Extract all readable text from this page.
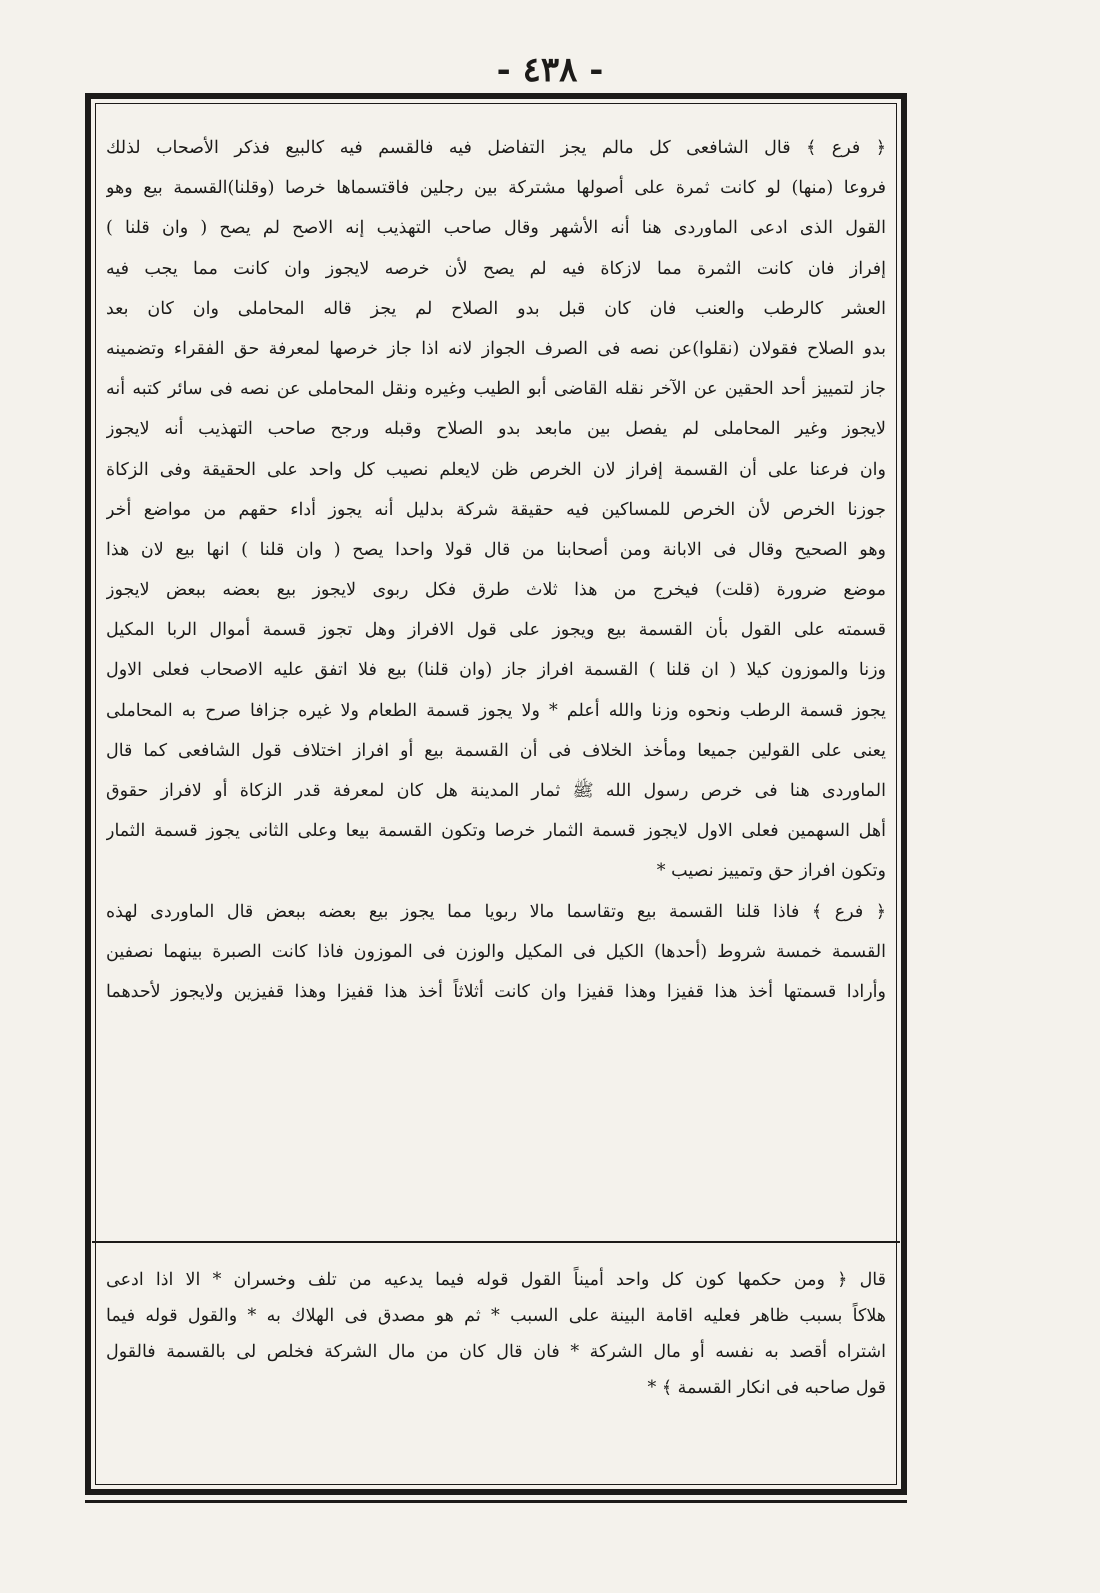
- ٤٣٨ -
﴿ فرع ﴾ قال الشافعى كل مالم يجز التفاضل فيه فالقسم فيه كالبيع فذكر الأصحاب لذلك
فروعا (منها) لو كانت ثمرة على أصولها مشتركة بين رجلين فاقتسماها خرصا (وقلنا)القسمة بيع وهو
القول الذى ادعى الماوردى هنا أنه الأشهر وقال صاحب التهذيب إنه الاصح لم يصح ( وان قلنا )
إفراز فان كانت الثمرة مما لازكاة فيه لم يصح لأن خرصه لايجوز وان كانت مما يجب فيه
العشر كالرطب والعنب فان كان قبل بدو الصلاح لم يجز قاله المحاملى وان كان بعد
بدو الصلاح فقولان (نقلوا)عن نصه فى الصرف الجواز لانه اذا جاز خرصها لمعرفة حق الفقراء وتضمينه
جاز لتمييز أحد الحقين عن الآخر نقله القاضى أبو الطيب وغيره ونقل المحاملى عن نصه فى سائر كتبه أنه
لايجوز وغير المحاملى لم يفصل بين مابعد بدو الصلاح وقبله ورجح صاحب التهذيب أنه لايجوز
وان فرعنا على أن القسمة إفراز لان الخرص ظن لايعلم نصيب كل واحد على الحقيقة وفى الزكاة
جوزنا الخرص لأن الخرص للمساكين فيه حقيقة شركة بدليل أنه يجوز أداء حقهم من مواضع أخر
وهو الصحيح وقال فى الابانة ومن أصحابنا من قال قولا واحدا يصح ( وان قلنا ) انها بيع لان هذا
موضع ضرورة (قلت) فيخرج من هذا ثلاث طرق فكل ربوى لايجوز بيع بعضه ببعض لايجوز
قسمته على القول بأن القسمة بيع ويجوز على قول الافراز وهل تجوز قسمة أموال الربا المكيل
وزنا والموزون كيلا ( ان قلنا ) القسمة افراز جاز (وان قلنا) بيع فلا اتفق عليه الاصحاب فعلى الاول
يجوز قسمة الرطب ونحوه وزنا والله أعلم * ولا يجوز قسمة الطعام ولا غيره جزافا صرح به المحاملى
يعنى على القولين جميعا ومأخذ الخلاف فى أن القسمة بيع أو افراز اختلاف قول الشافعى كما قال
الماوردى هنا فى خرص رسول الله ﷺ ثمار المدينة هل كان لمعرفة قدر الزكاة أو لافراز حقوق
أهل السهمين فعلى الاول لايجوز قسمة الثمار خرصا وتكون القسمة بيعا وعلى الثانى يجوز قسمة الثمار
وتكون افراز حق وتمييز نصيب *
﴿ فرع ﴾ فاذا قلنا القسمة بيع وتقاسما مالا ربويا مما يجوز بيع بعضه ببعض قال الماوردى لهذه
القسمة خمسة شروط (أحدها) الكيل فى المكيل والوزن فى الموزون فاذا كانت الصبرة بينهما نصفين
وأرادا قسمتها أخذ هذا قفيزا وهذا قفيزا وان كانت أثلاثاً أخذ هذا قفيزا وهذا قفيزين ولايجوز لأحدهما
قال ﴿ ومن حكمها كون كل واحد أميناً القول قوله فيما يدعيه من تلف وخسران * الا اذا ادعى
هلاكاً بسبب ظاهر فعليه اقامة البينة على السبب * ثم هو مصدق فى الهلاك به * والقول قوله فيما
اشتراه أقصد به نفسه أو مال الشركة * فان قال كان من مال الشركة فخلص لى بالقسمة فالقول
قول صاحبه فى انكار القسمة ﴾ *
